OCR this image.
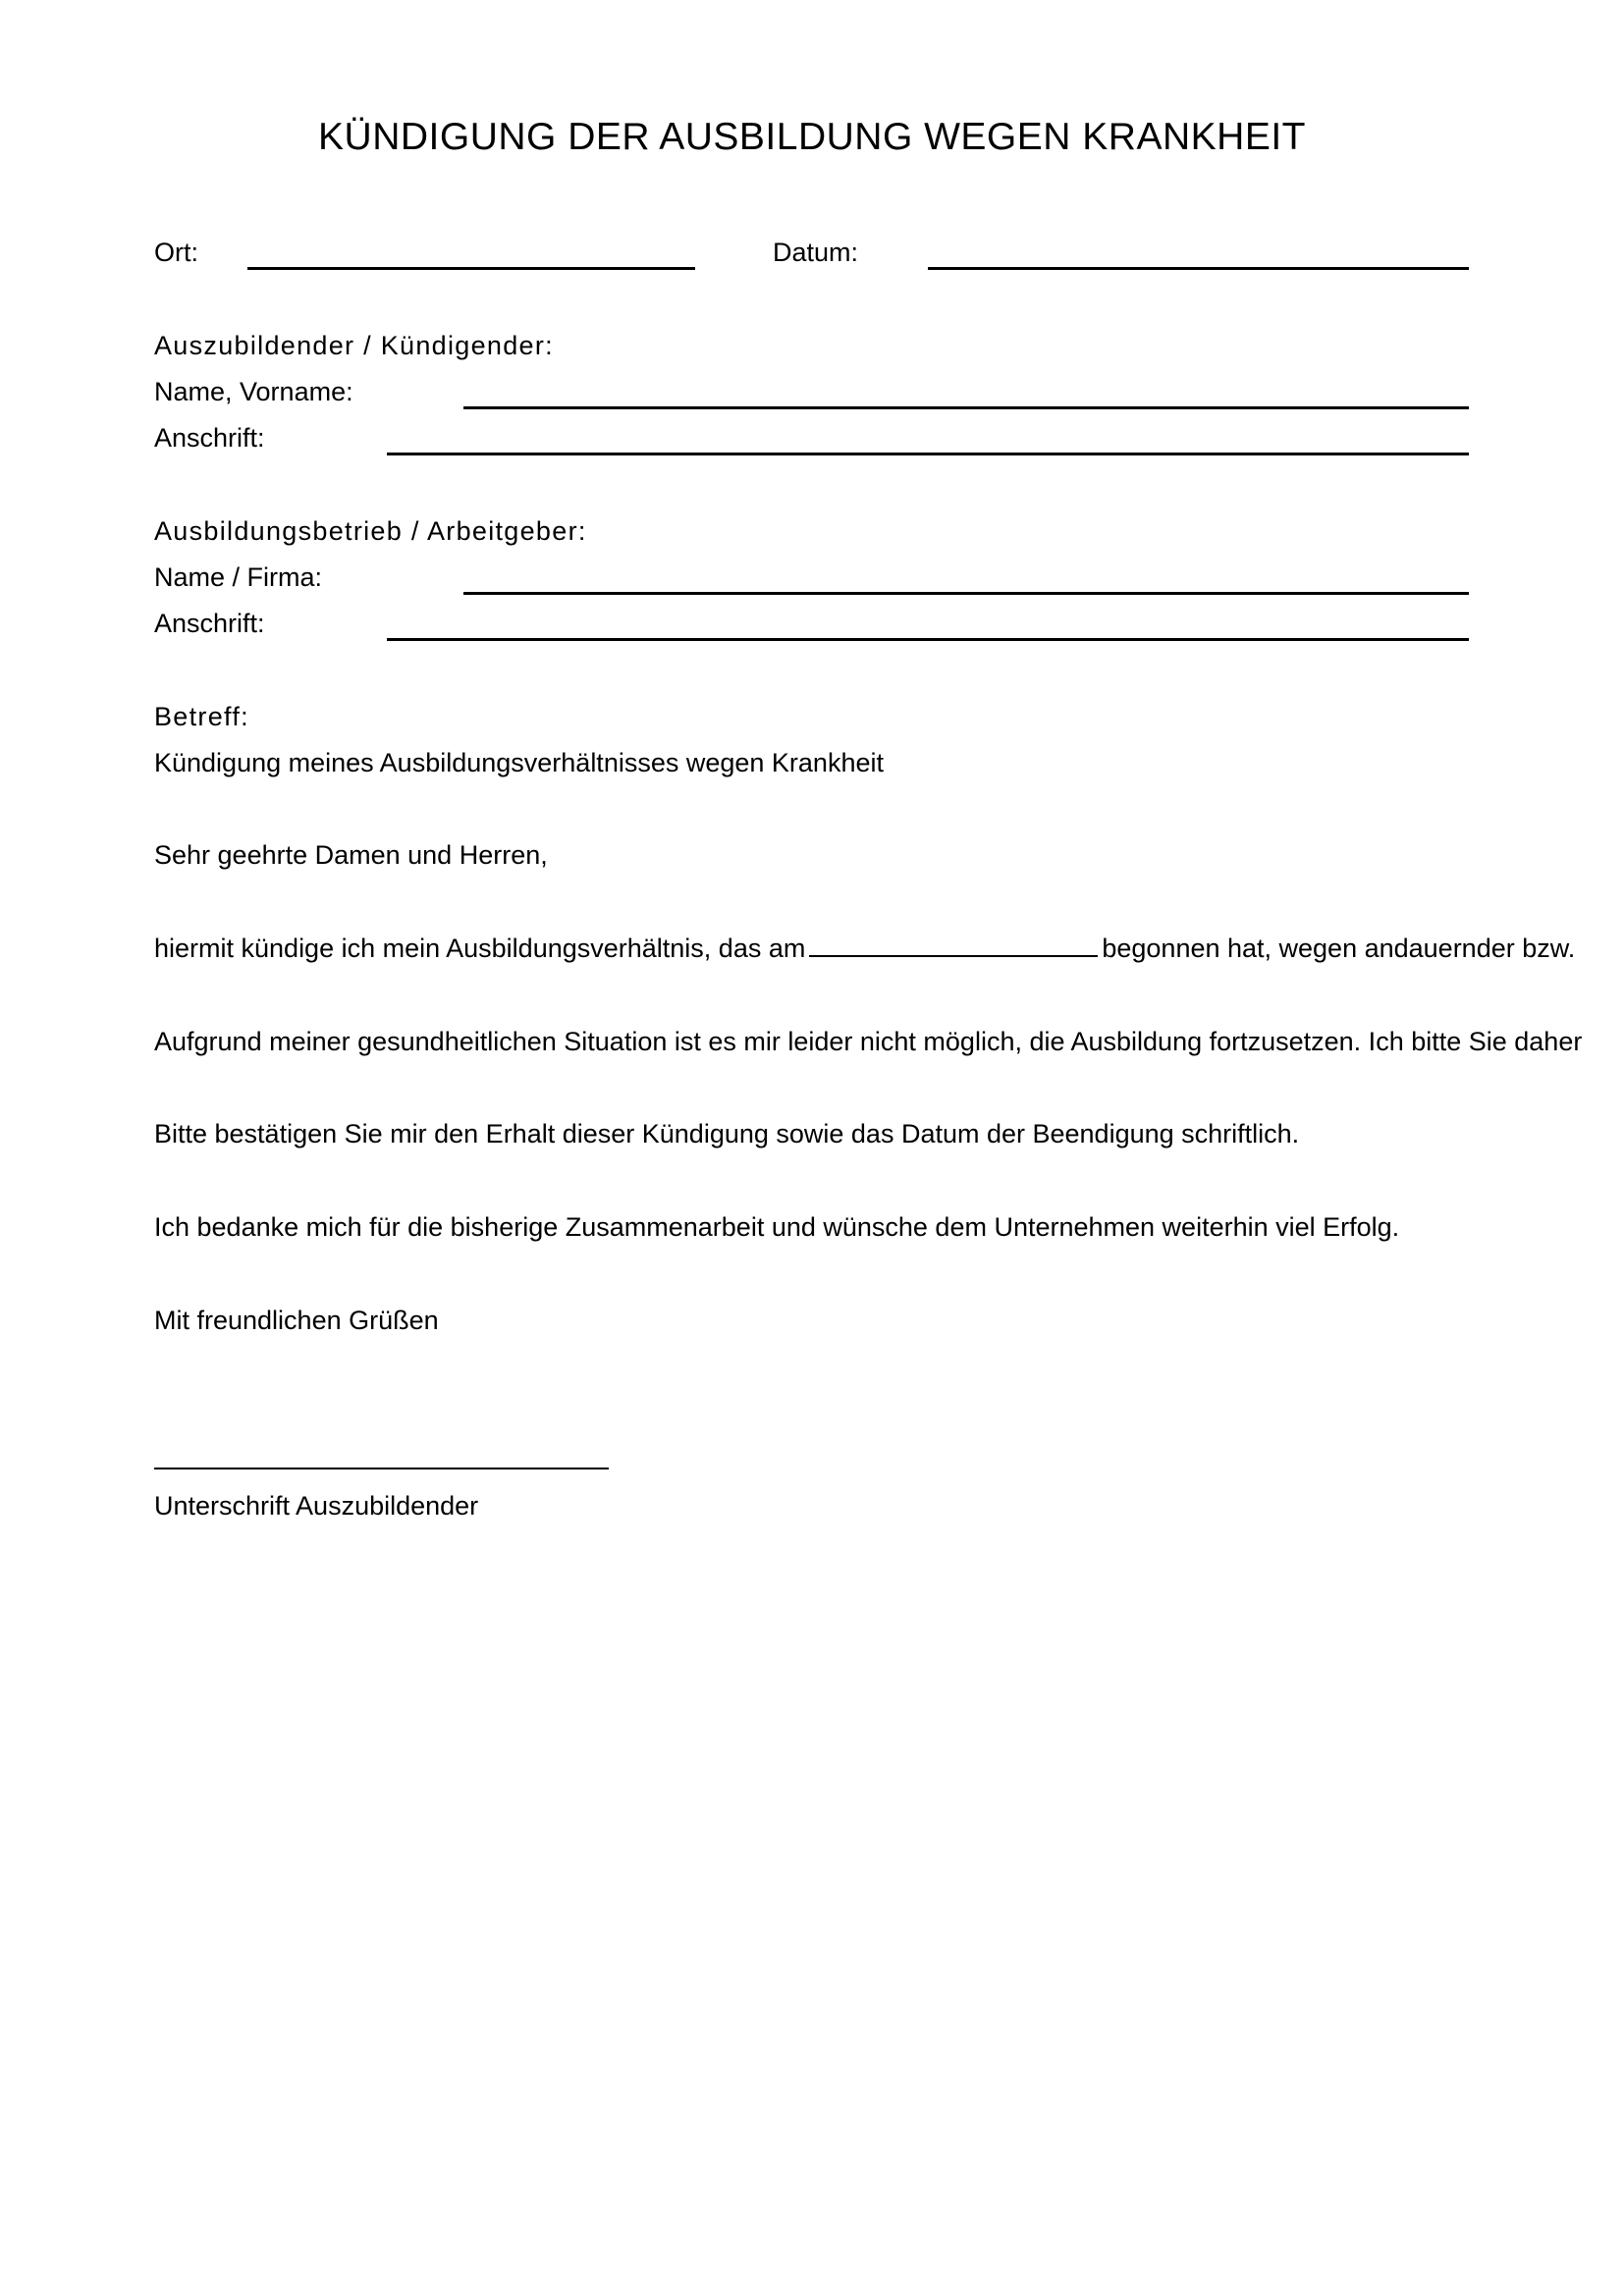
KÜNDIGUNG DER AUSBILDUNG WEGEN KRANKHEIT
Ort:	Datum:
Auszubildender / Kündigender:
Name, Vorname:
Anschrift:
Ausbildungsbetrieb / Arbeitgeber:
Name / Firma:
Anschrift:
Betreff:
Kündigung meines Ausbildungsverhältnisses wegen Krankheit
Sehr geehrte Damen und Herren,
hiermit kündige ich mein Ausbildungsverhältnis, das am	begonnen hat, wegen andauernder bzw.
Aufgrund meiner gesundheitlichen Situation ist es mir leider nicht möglich, die Ausbildung fortzusetzen. Ich bitte Sie daher
Bitte bestätigen Sie mir den Erhalt dieser Kündigung sowie das Datum der Beendigung schriftlich.
Ich bedanke mich für die bisherige Zusammenarbeit und wünsche dem Unternehmen weiterhin viel Erfolg.
Mit freundlichen Grüßen
Unterschrift Auszubildender
